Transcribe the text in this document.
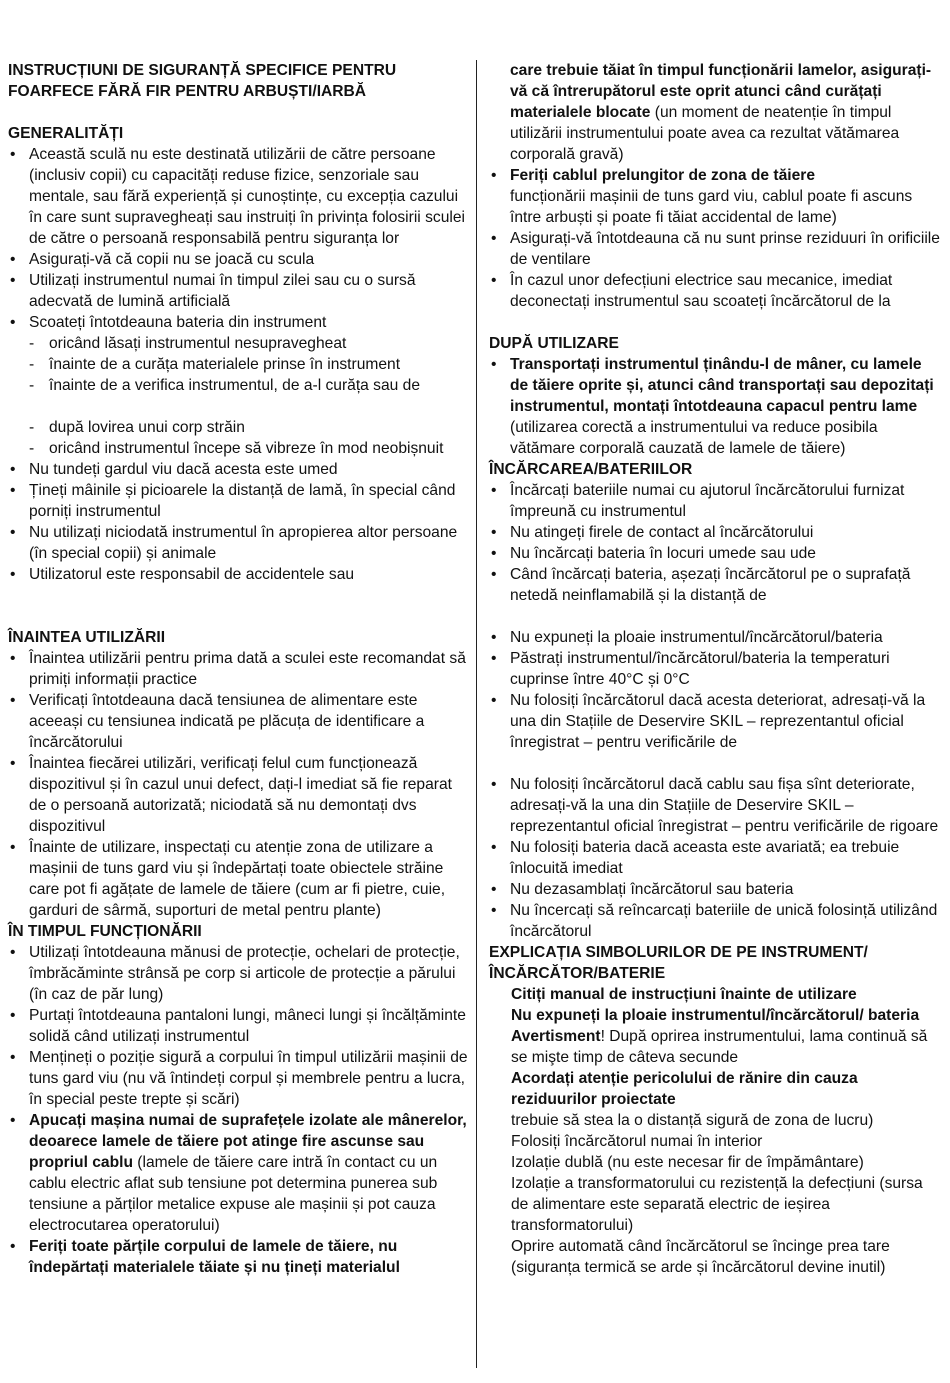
INSTRUCȚIUNI DE SIGURANȚĂ SPECIFICE PENTRU FOARFECE FĂRĂ FIR PENTRU ARBUȘTI/IARBĂ

GENERALITĂȚI

• Această sculă nu este destinată utilizării de către persoane (inclusiv copii) cu capacități reduse fizice, senzoriale sau mentale, sau fără experiență și cunoștințe, cu excepția cazului în care sunt supravegheați sau instruiți în privința folosirii sculei de către o persoană responsabilă pentru siguranța lor
• Asigurați-vă că copii nu se joacă cu scula
• Utilizați instrumentul numai în timpul zilei sau cu o sursă adecvată de lumină artificială
• Scoateți întotdeauna bateria din instrument
- oricând lăsați instrumentul nesupravegheat
- înainte de a curăța materialele prinse în instrument
- înainte de a verifica instrumentul, de a-l curăța sau de
- după lovirea unui corp străin
- oricând instrumentul începe să vibreze în mod neobișnuit
• Nu tundeți gardul viu dacă acesta este umed
• Țineți mâinile și picioarele la distanță de lamă, în special când porniți instrumentul
• Nu utilizați niciodată instrumentul în apropierea altor persoane (în special copii) și animale
• Utilizatorul este responsabil de accidentele sau

ÎNAINTEA UTILIZĂRII

• Înaintea utilizării pentru prima dată a sculei este recomandat să primiți informații practice
• Verificați întotdeauna dacă tensiunea de alimentare este aceeași cu tensiunea indicată pe plăcuța de identificare a încărcătorului
• Înaintea fiecărei utilizări, verificați felul cum funcționează dispozitivul și în cazul unui defect, dați-l imediat să fie reparat de o persoană autorizată; niciodată să nu demontați dvs dispozitivul
• Înainte de utilizare, inspectați cu atenție zona de utilizare a mașinii de tuns gard viu și îndepărtați toate obiectele străine care pot fi agățate de lamele de tăiere (cum ar fi pietre, cuie, garduri de sârmă, suporturi de metal pentru plante)

ÎN TIMPUL FUNCȚIONĂRII

• Utilizați întotdeauna mănusi de protecție, ochelari de protecție, îmbrăcăminte strânsă pe corp si articole de protecție a părului (în caz de păr lung)
• Purtați întotdeauna pantaloni lungi, mâneci lungi și încălțăminte solidă când utilizați instrumentul
• Mențineți o poziție sigură a corpului în timpul utilizării mașinii de tuns gard viu (nu vă întindeți corpul și membrele pentru a lucra, în special peste trepte și scări)
• Apucați mașina numai de suprafețele izolate ale mânerelor, deoarece lamele de tăiere pot atinge fire ascunse sau propriul cablu (lamele de tăiere care intră în contact cu un cablu electric aflat sub tensiune pot determina punerea sub tensiune a părților metalice expuse ale mașinii și pot cauza electrocutarea operatorului)
• Feriți toate părțile corpului de lamele de tăiere, nu îndepărtați materialele tăiate și nu țineți materialul

care trebuie tăiat în timpul funcționării lamelor, asigurați-vă că întrerupătorul este oprit atunci când curățați materialele blocate (un moment de neatenție în timpul utilizării instrumentului poate avea ca rezultat vătămarea corporală gravă)

• Feriți cablul prelungitor de zona de tăiere
funcționării mașinii de tuns gard viu, cablul poate fi ascuns între arbuști și poate fi tăiat accidental de lame)
• Asigurați-vă întotdeauna că nu sunt prinse reziduuri în orificiile de ventilare
• În cazul unor defecțiuni electrice sau mecanice, imediat deconectați instrumentul sau scoateți încărcătorul de la

DUPĂ UTILIZARE

• Transportați instrumentul ținându-l de mâner, cu lamele de tăiere oprite și, atunci când transportați sau depozitați instrumentul, montați întotdeauna capacul pentru lame (utilizarea corectă a instrumentului va reduce posibila vătămare corporală cauzată de lamele de tăiere)

ÎNCĂRCAREA/BATERIILOR

• Încărcați bateriile numai cu ajutorul încărcătorului furnizat împreună cu instrumentul
• Nu atingeți firele de contact al încărcătorului
• Nu încărcați bateria în locuri umede sau ude
• Când încărcați bateria, așezați încărcătorul pe o suprafață netedă neinflamabilă și la distanță de
• Nu expuneți la ploaie instrumentul/încărcătorul/bateria
• Păstrați instrumentul/încărcătorul/bateria la temperaturi cuprinse între 40°C și 0°C
• Nu folosiți încărcătorul dacă acesta deteriorat, adresați-vă la una din Stațiile de Deservire SKIL – reprezentantul oficial înregistrat – pentru verificările de
• Nu folosiți încărcătorul dacă cablu sau fișa sînt deteriorate, adresați-vă la una din Stațiile de Deservire SKIL – reprezentantul oficial înregistrat – pentru verificările de rigoare
• Nu folosiți bateria dacă aceasta este avariată; ea trebuie înlocuită imediat
• Nu dezasamblați încărcătorul sau bateria
• Nu încercați să reîncarcați bateriile de unică folosință utilizând încărcătorul

EXPLICAȚIA SIMBOLURILOR DE PE INSTRUMENT/ ÎNCĂRCĂTOR/BATERIE

Citiți manual de instrucțiuni înainte de utilizare

Nu expuneți la ploaie instrumentul/încărcătorul/ bateria

Avertisment! După oprirea instrumentului, lama continuă să se mişte timp de câteva secunde

Acordați atenție pericolului de rănire din cauza reziduurilor proiectate

trebuie să stea la o distanță sigură de zona de lucru)

Folosiți încărcătorul numai în interior

Izolație dublă (nu este necesar fir de împământare)

Izolație a transformatorului cu rezistență la defecțiuni (sursa de alimentare este separată electric de ieșirea transformatorului)

Oprire automată când încărcătorul se încinge prea tare (siguranța termică se arde și încărcătorul devine inutil)
